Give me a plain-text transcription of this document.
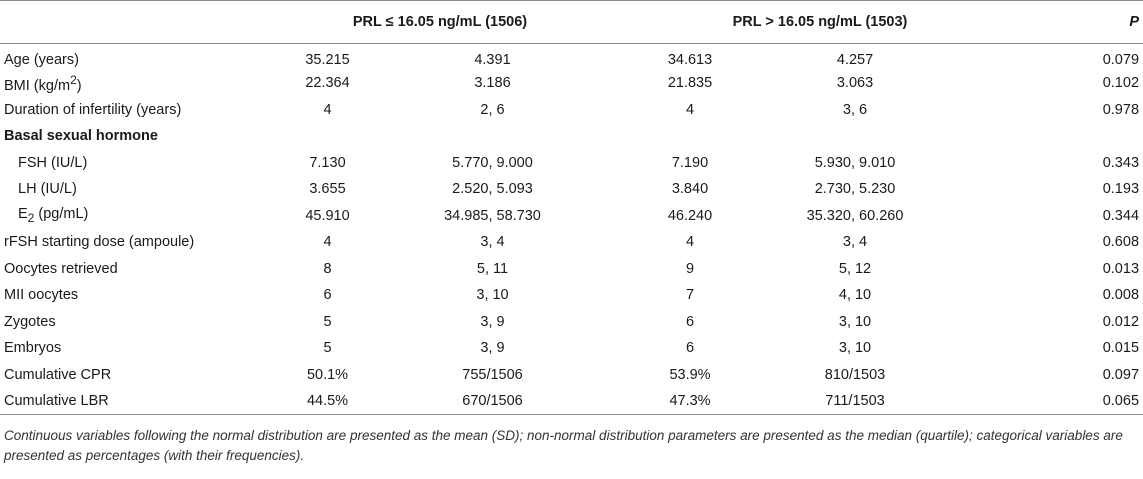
	PRL ≤ 16.05 ng/mL (1506)		PRL > 16.05 ng/mL (1503)		P
Age (years)	35.215	4.391	34.613	4.257	0.079
BMI $(kg/m^2)$	22.364	3.186	21.835	3.063	0.102
Duration of infertility (years)	4	2, 6	4	3, 6	0.978
Basal sexual hormone					
FSH (IU/L)	7.130	5.770, 9.000	7.190	5.930, 9.010	0.343
LH (IU/L)	3.655	2.520, 5.093	3.840	2.730, 5.230	0.193
$E_2$ (pg/mL)	45.910	34.985, 58.730	46.240	35.320, 60.260	0.344
rFSH starting dose (ampoule)	4	3, 4	4	3, 4	0.608
Oocytes retrieved	8	5, 11	9	5, 12	0.013
MII oocytes	6	3, 10	7	4, 10	0.008
Zygotes	5	3, 9	6	3, 10	0.012
Embryos	5	3, 9	6	3, 10	0.015
Cumulative CPR	50.1%	755/1506	53.9%	810/1503	0.097
Cumulative LBR	44.5%	670/1506	47.3%	711/1503	0.065
Continuous variables following the normal distribution are presented as the mean (SD); non-normal distribution parameters are presented as the median (quartile); categorical variables are presented as percentages (with their frequencies).
